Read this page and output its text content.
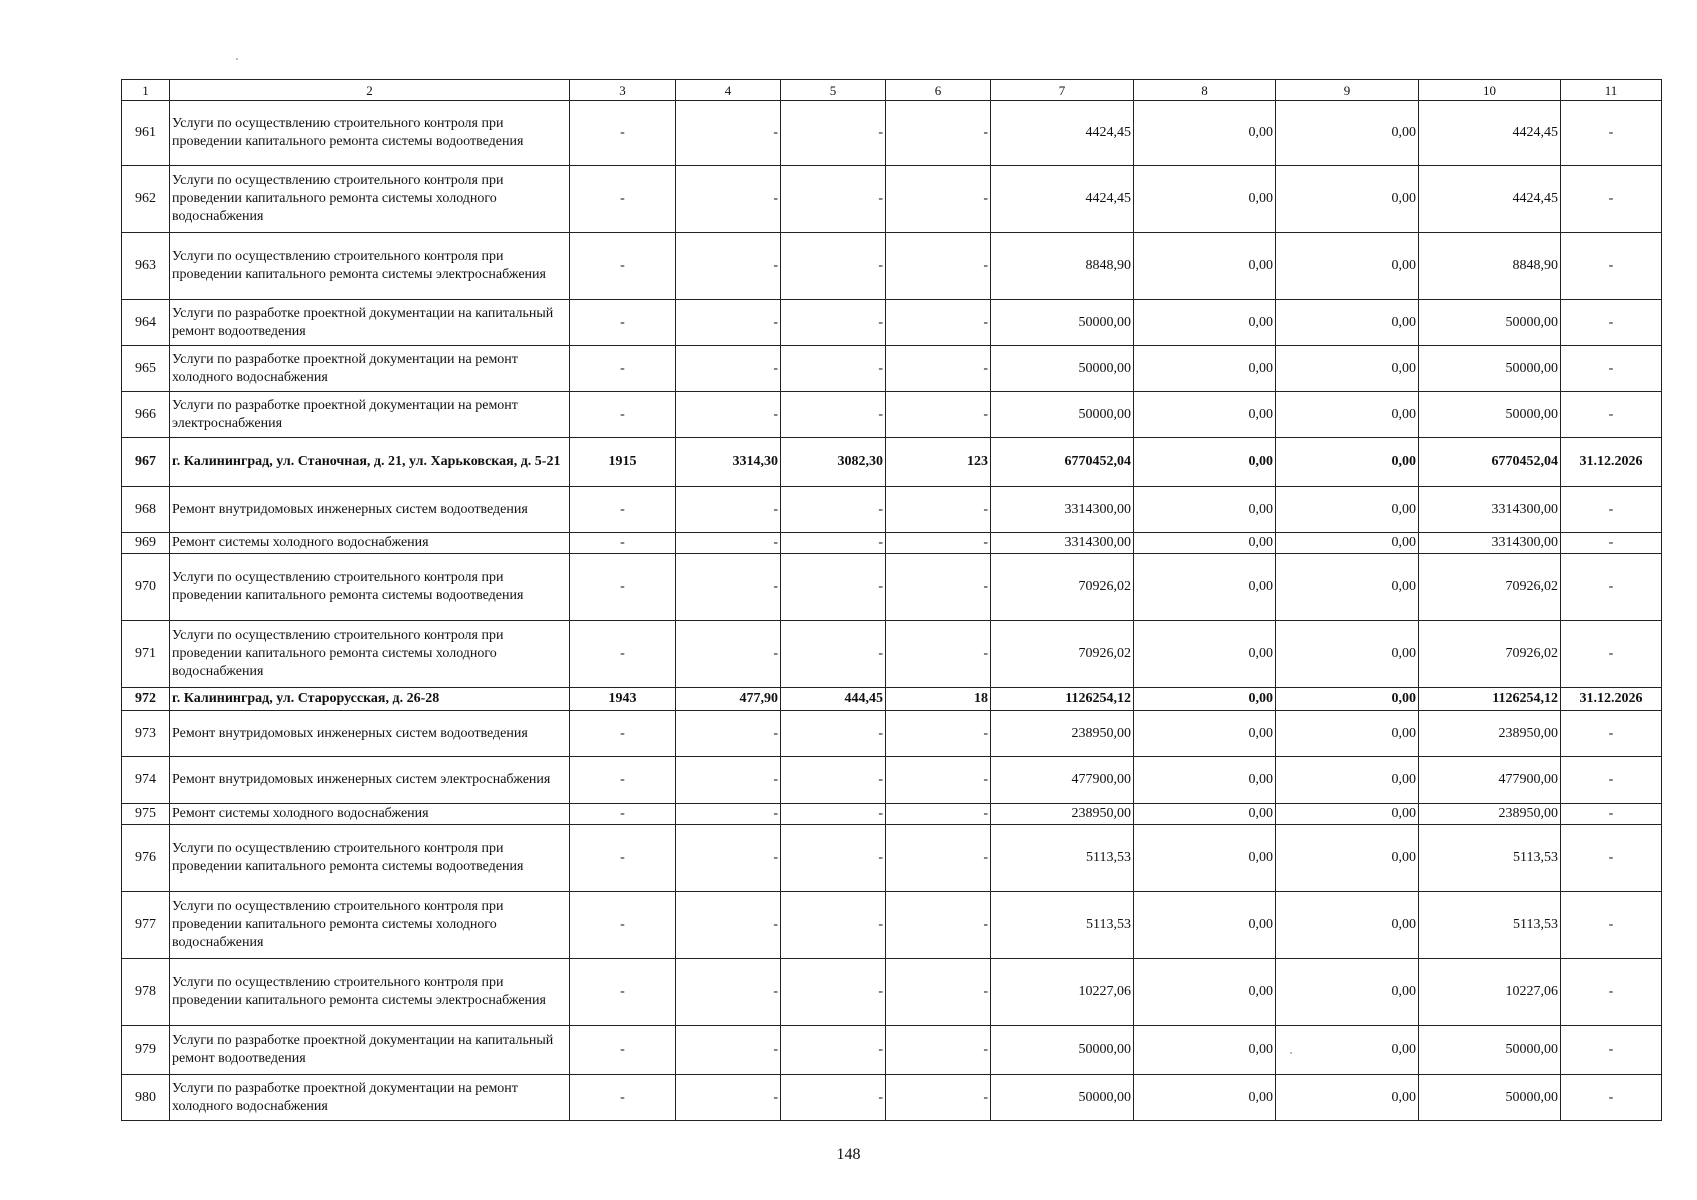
1	2	3	4	5	6	7	8	9	10	11
961	Услуги по осуществлению строительного контроля при проведении капитального ремонта системы водоотведения	-	-	-	-	4424,45	0,00	0,00	4424,45	-
962	Услуги по осуществлению строительного контроля при проведении капитального ремонта системы холодного водоснабжения	-	-	-	-	4424,45	0,00	0,00	4424,45	-
963	Услуги по осуществлению строительного контроля при проведении капитального ремонта системы электроснабжения	-	-	-	-	8848,90	0,00	0,00	8848,90	-
964	Услуги по разработке проектной документации на капитальный ремонт водоотведения	-	-	-	-	50000,00	0,00	0,00	50000,00	-
965	Услуги по разработке проектной документации на ремонт холодного водоснабжения	-	-	-	-	50000,00	0,00	0,00	50000,00	-
966	Услуги по разработке проектной документации на ремонт электроснабжения	-	-	-	-	50000,00	0,00	0,00	50000,00	-
967	г. Калининград, ул. Станочная, д. 21, ул. Харьковская, д. 5-21	1915	3314,30	3082,30	123	6770452,04	0,00	0,00	6770452,04	31.12.2026
968	Ремонт внутридомовых инженерных систем водоотведения	-	-	-	-	3314300,00	0,00	0,00	3314300,00	-
969	Ремонт системы холодного водоснабжения	-	-	-	-	3314300,00	0,00	0,00	3314300,00	-
970	Услуги по осуществлению строительного контроля при проведении капитального ремонта системы водоотведения	-	-	-	-	70926,02	0,00	0,00	70926,02	-
971	Услуги по осуществлению строительного контроля при проведении капитального ремонта системы холодного водоснабжения	-	-	-	-	70926,02	0,00	0,00	70926,02	-
972	г. Калининград, ул. Старорусская, д. 26-28	1943	477,90	444,45	18	1126254,12	0,00	0,00	1126254,12	31.12.2026
973	Ремонт внутридомовых инженерных систем водоотведения	-	-	-	-	238950,00	0,00	0,00	238950,00	-
974	Ремонт внутридомовых инженерных систем электроснабжения	-	-	-	-	477900,00	0,00	0,00	477900,00	-
975	Ремонт системы холодного водоснабжения	-	-	-	-	238950,00	0,00	0,00	238950,00	-
976	Услуги по осуществлению строительного контроля при проведении капитального ремонта системы водоотведения	-	-	-	-	5113,53	0,00	0,00	5113,53	-
977	Услуги по осуществлению строительного контроля при проведении капитального ремонта системы холодного водоснабжения	-	-	-	-	5113,53	0,00	0,00	5113,53	-
978	Услуги по осуществлению строительного контроля при проведении капитального ремонта системы электроснабжения	-	-	-	-	10227,06	0,00	0,00	10227,06	-
979	Услуги по разработке проектной документации на капитальный ремонт водоотведения	-	-	-	-	50000,00	0,00	0,00	50000,00	-
980	Услуги по разработке проектной документации на ремонт холодного водоснабжения	-	-	-	-	50000,00	0,00	0,00	50000,00	-
148
